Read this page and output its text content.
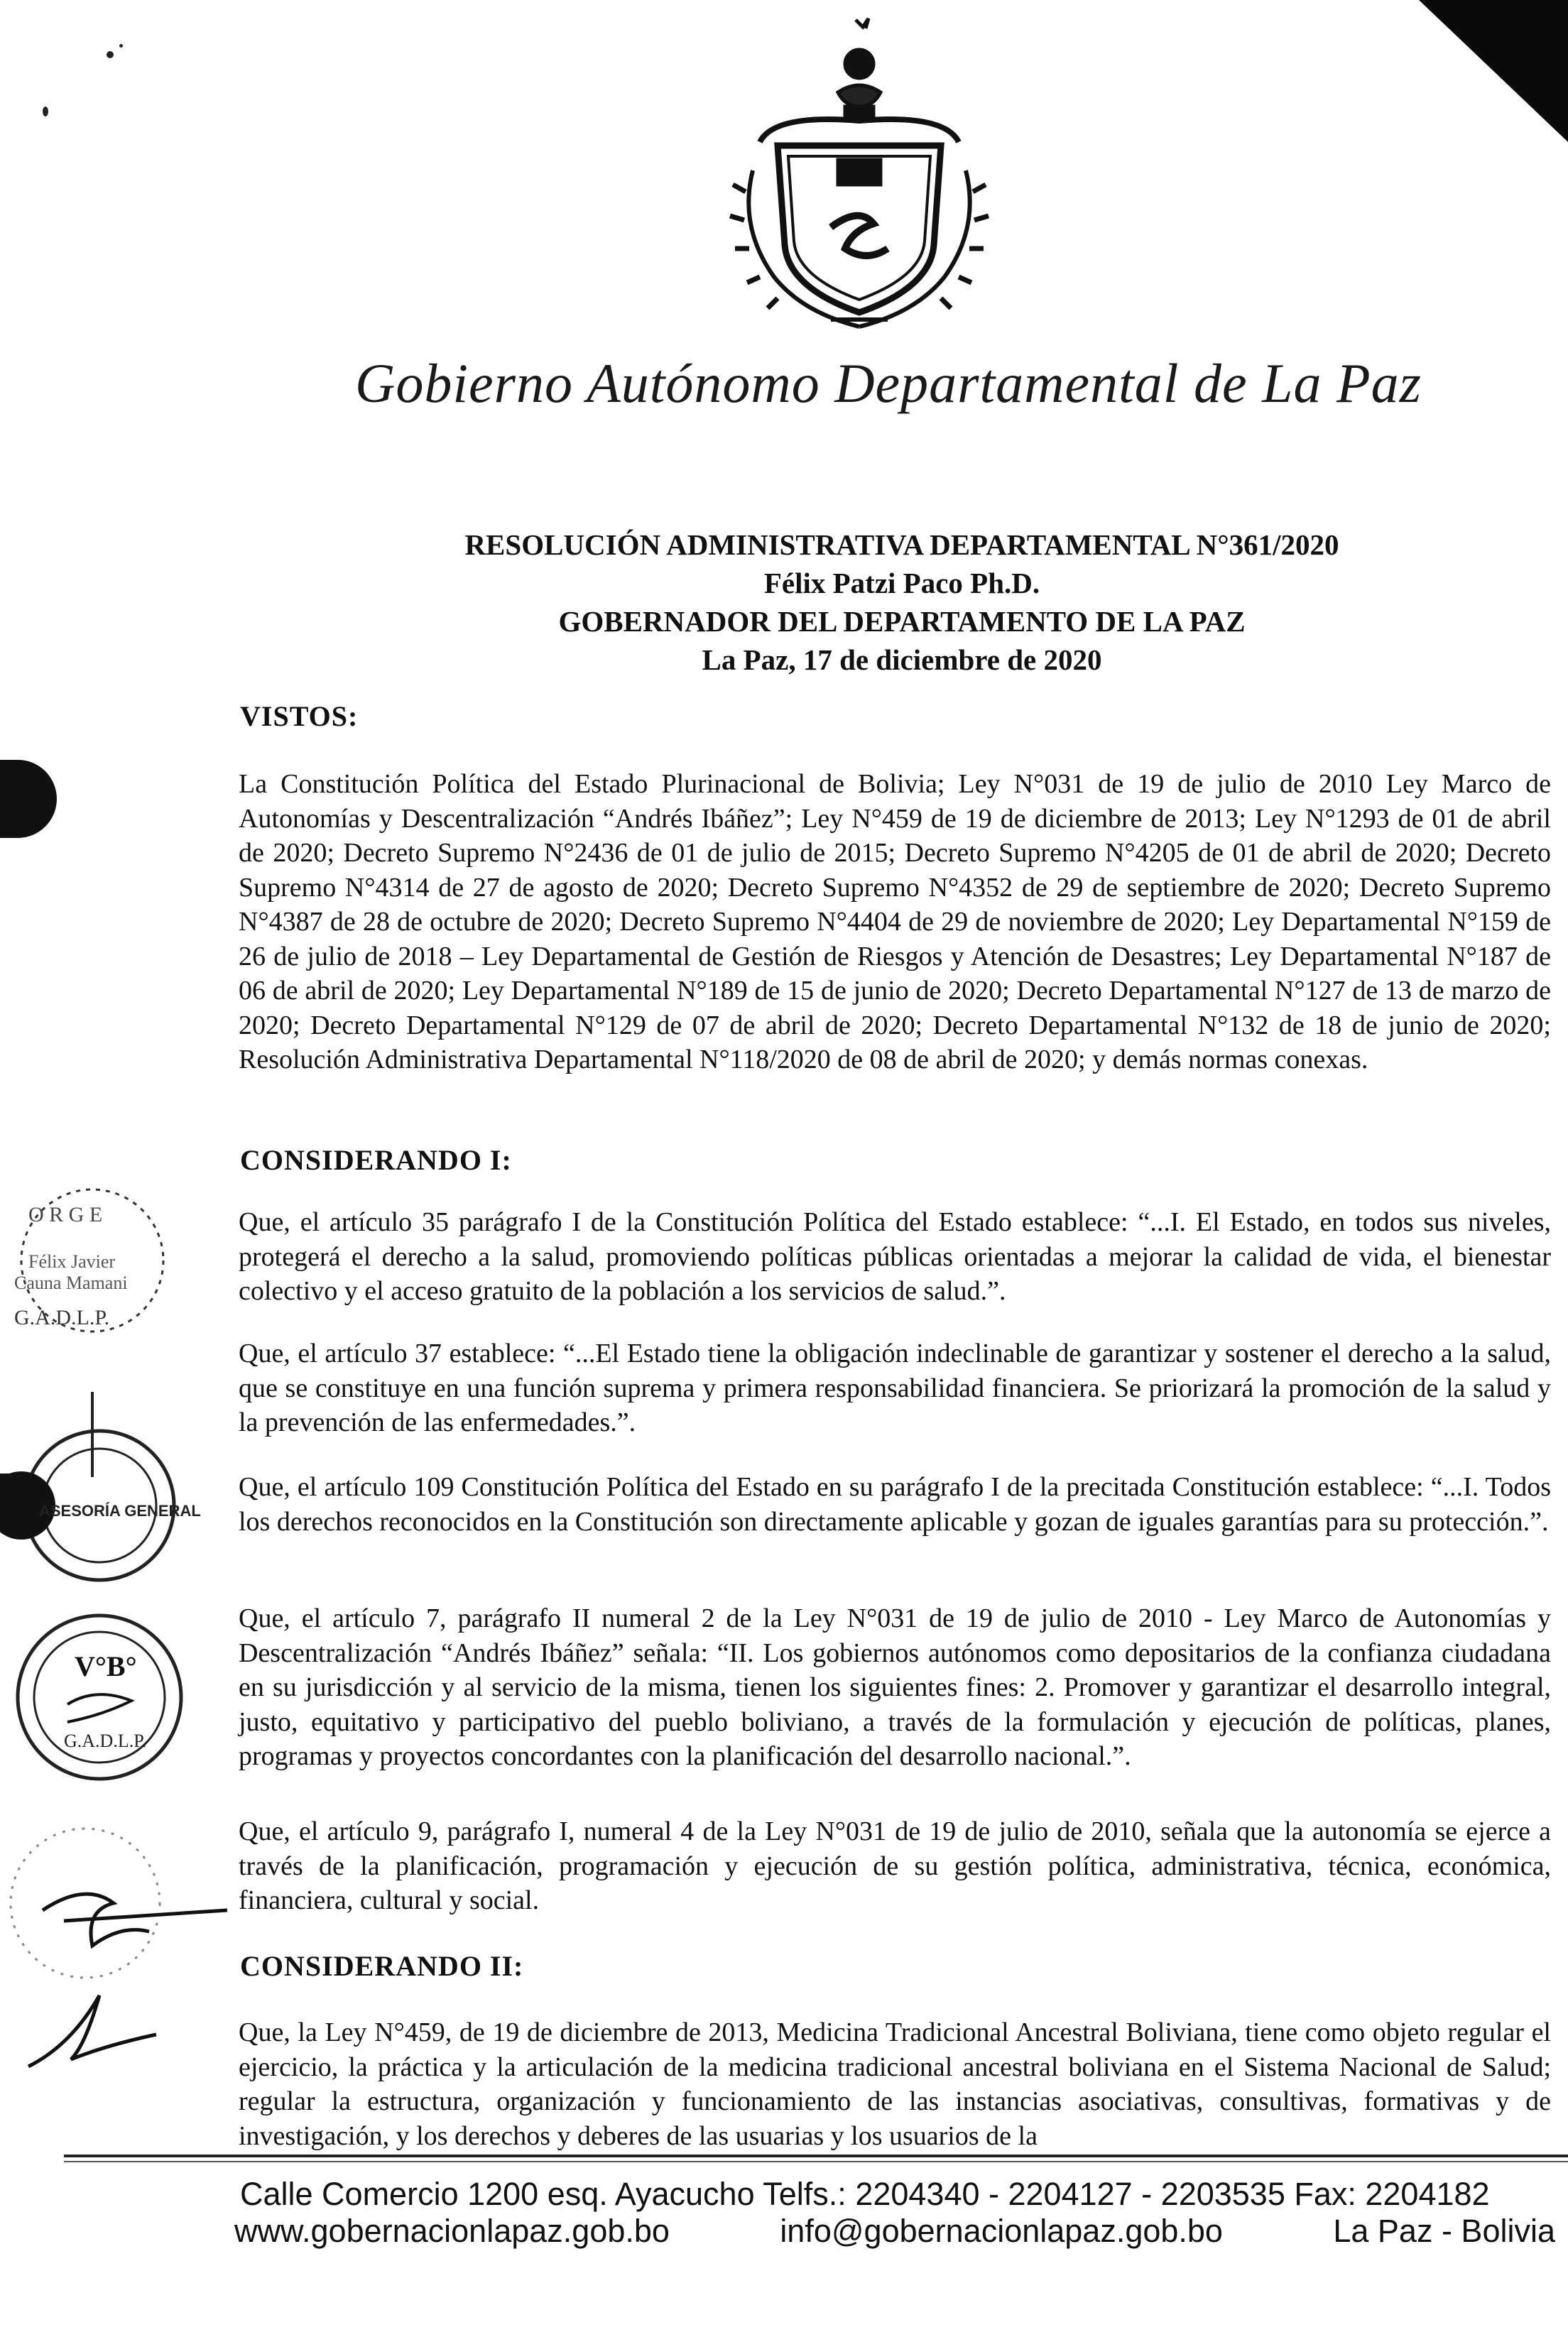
Gobierno Autónomo Departamental de La Paz
RESOLUCIÓN ADMINISTRATIVA DEPARTAMENTAL N°361/2020
Félix Patzi Paco Ph.D.
GOBERNADOR DEL DEPARTAMENTO DE LA PAZ
La Paz, 17 de diciembre de 2020
VISTOS:
La Constitución Política del Estado Plurinacional de Bolivia; Ley N°031 de 19 de julio de 2010 Ley Marco de Autonomías y Descentralización “Andrés Ibáñez”; Ley N°459 de 19 de diciembre de 2013; Ley N°1293 de 01 de abril de 2020; Decreto Supremo N°2436 de 01 de julio de 2015; Decreto Supremo N°4205 de 01 de abril de 2020; Decreto Supremo N°4314 de 27 de agosto de 2020; Decreto Supremo N°4352 de 29 de septiembre de 2020; Decreto Supremo N°4387 de 28 de octubre de 2020; Decreto Supremo N°4404 de 29 de noviembre de 2020; Ley Departamental N°159 de 26 de julio de 2018 – Ley Departamental de Gestión de Riesgos y Atención de Desastres; Ley Departamental N°187 de 06 de abril de 2020; Ley Departamental N°189 de 15 de junio de 2020; Decreto Departamental N°127 de 13 de marzo de 2020; Decreto Departamental N°129 de 07 de abril de 2020; Decreto Departamental N°132 de 18 de junio de 2020; Resolución Administrativa Departamental N°118/2020 de 08 de abril de 2020; y demás normas conexas.
CONSIDERANDO I:
Que, el artículo 35 parágrafo I de la Constitución Política del Estado establece: “...I. El Estado, en todos sus niveles, protegerá el derecho a la salud, promoviendo políticas públicas orientadas a mejorar la calidad de vida, el bienestar colectivo y el acceso gratuito de la población a los servicios de salud.”.
Que, el artículo 37 establece: “...El Estado tiene la obligación indeclinable de garantizar y sostener el derecho a la salud, que se constituye en una función suprema y primera responsabilidad financiera. Se priorizará la promoción de la salud y la prevención de las enfermedades.”.
Que, el artículo 109 Constitución Política del Estado en su parágrafo I de la precitada Constitución establece: “...I. Todos los derechos reconocidos en la Constitución son directamente aplicable y gozan de iguales garantías para su protección.”.
Que, el artículo 7, parágrafo II numeral 2 de la Ley N°031 de 19 de julio de 2010 - Ley Marco de Autonomías y Descentralización “Andrés Ibáñez” señala: “II. Los gobiernos autónomos como depositarios de la confianza ciudadana en su jurisdicción y al servicio de la misma, tienen los siguientes fines: 2. Promover y garantizar el desarrollo integral, justo, equitativo y participativo del pueblo boliviano, a través de la formulación y ejecución de políticas, planes, programas y proyectos concordantes con la planificación del desarrollo nacional.”.
Que, el artículo 9, parágrafo I, numeral 4 de la Ley N°031 de 19 de julio de 2010, señala que la autonomía se ejerce a través de la planificación, programación y ejecución de su gestión política, administrativa, técnica, económica, financiera, cultural y social.
CONSIDERANDO II:
Que, la Ley N°459, de 19 de diciembre de 2013, Medicina Tradicional Ancestral Boliviana, tiene como objeto regular el ejercicio, la práctica y la articulación de la medicina tradicional ancestral boliviana en el Sistema Nacional de Salud; regular la estructura, organización y funcionamiento de las instancias asociativas, consultivas, formativas y de investigación, y los derechos y deberes de las usuarias y los usuarios de la
O R G E
Félix Javier
Cauna Mamani
G.A.D.L.P.
ASESORÍA GENERAL
V°B°
G.A.D.L.P.
Calle Comercio 1200 esq. Ayacucho Telfs.: 2204340 - 2204127 - 2203535 Fax: 2204182
www.gobernacionlapaz.gob.bo	info@gobernacionlapaz.gob.bo	La Paz - Bolivia
